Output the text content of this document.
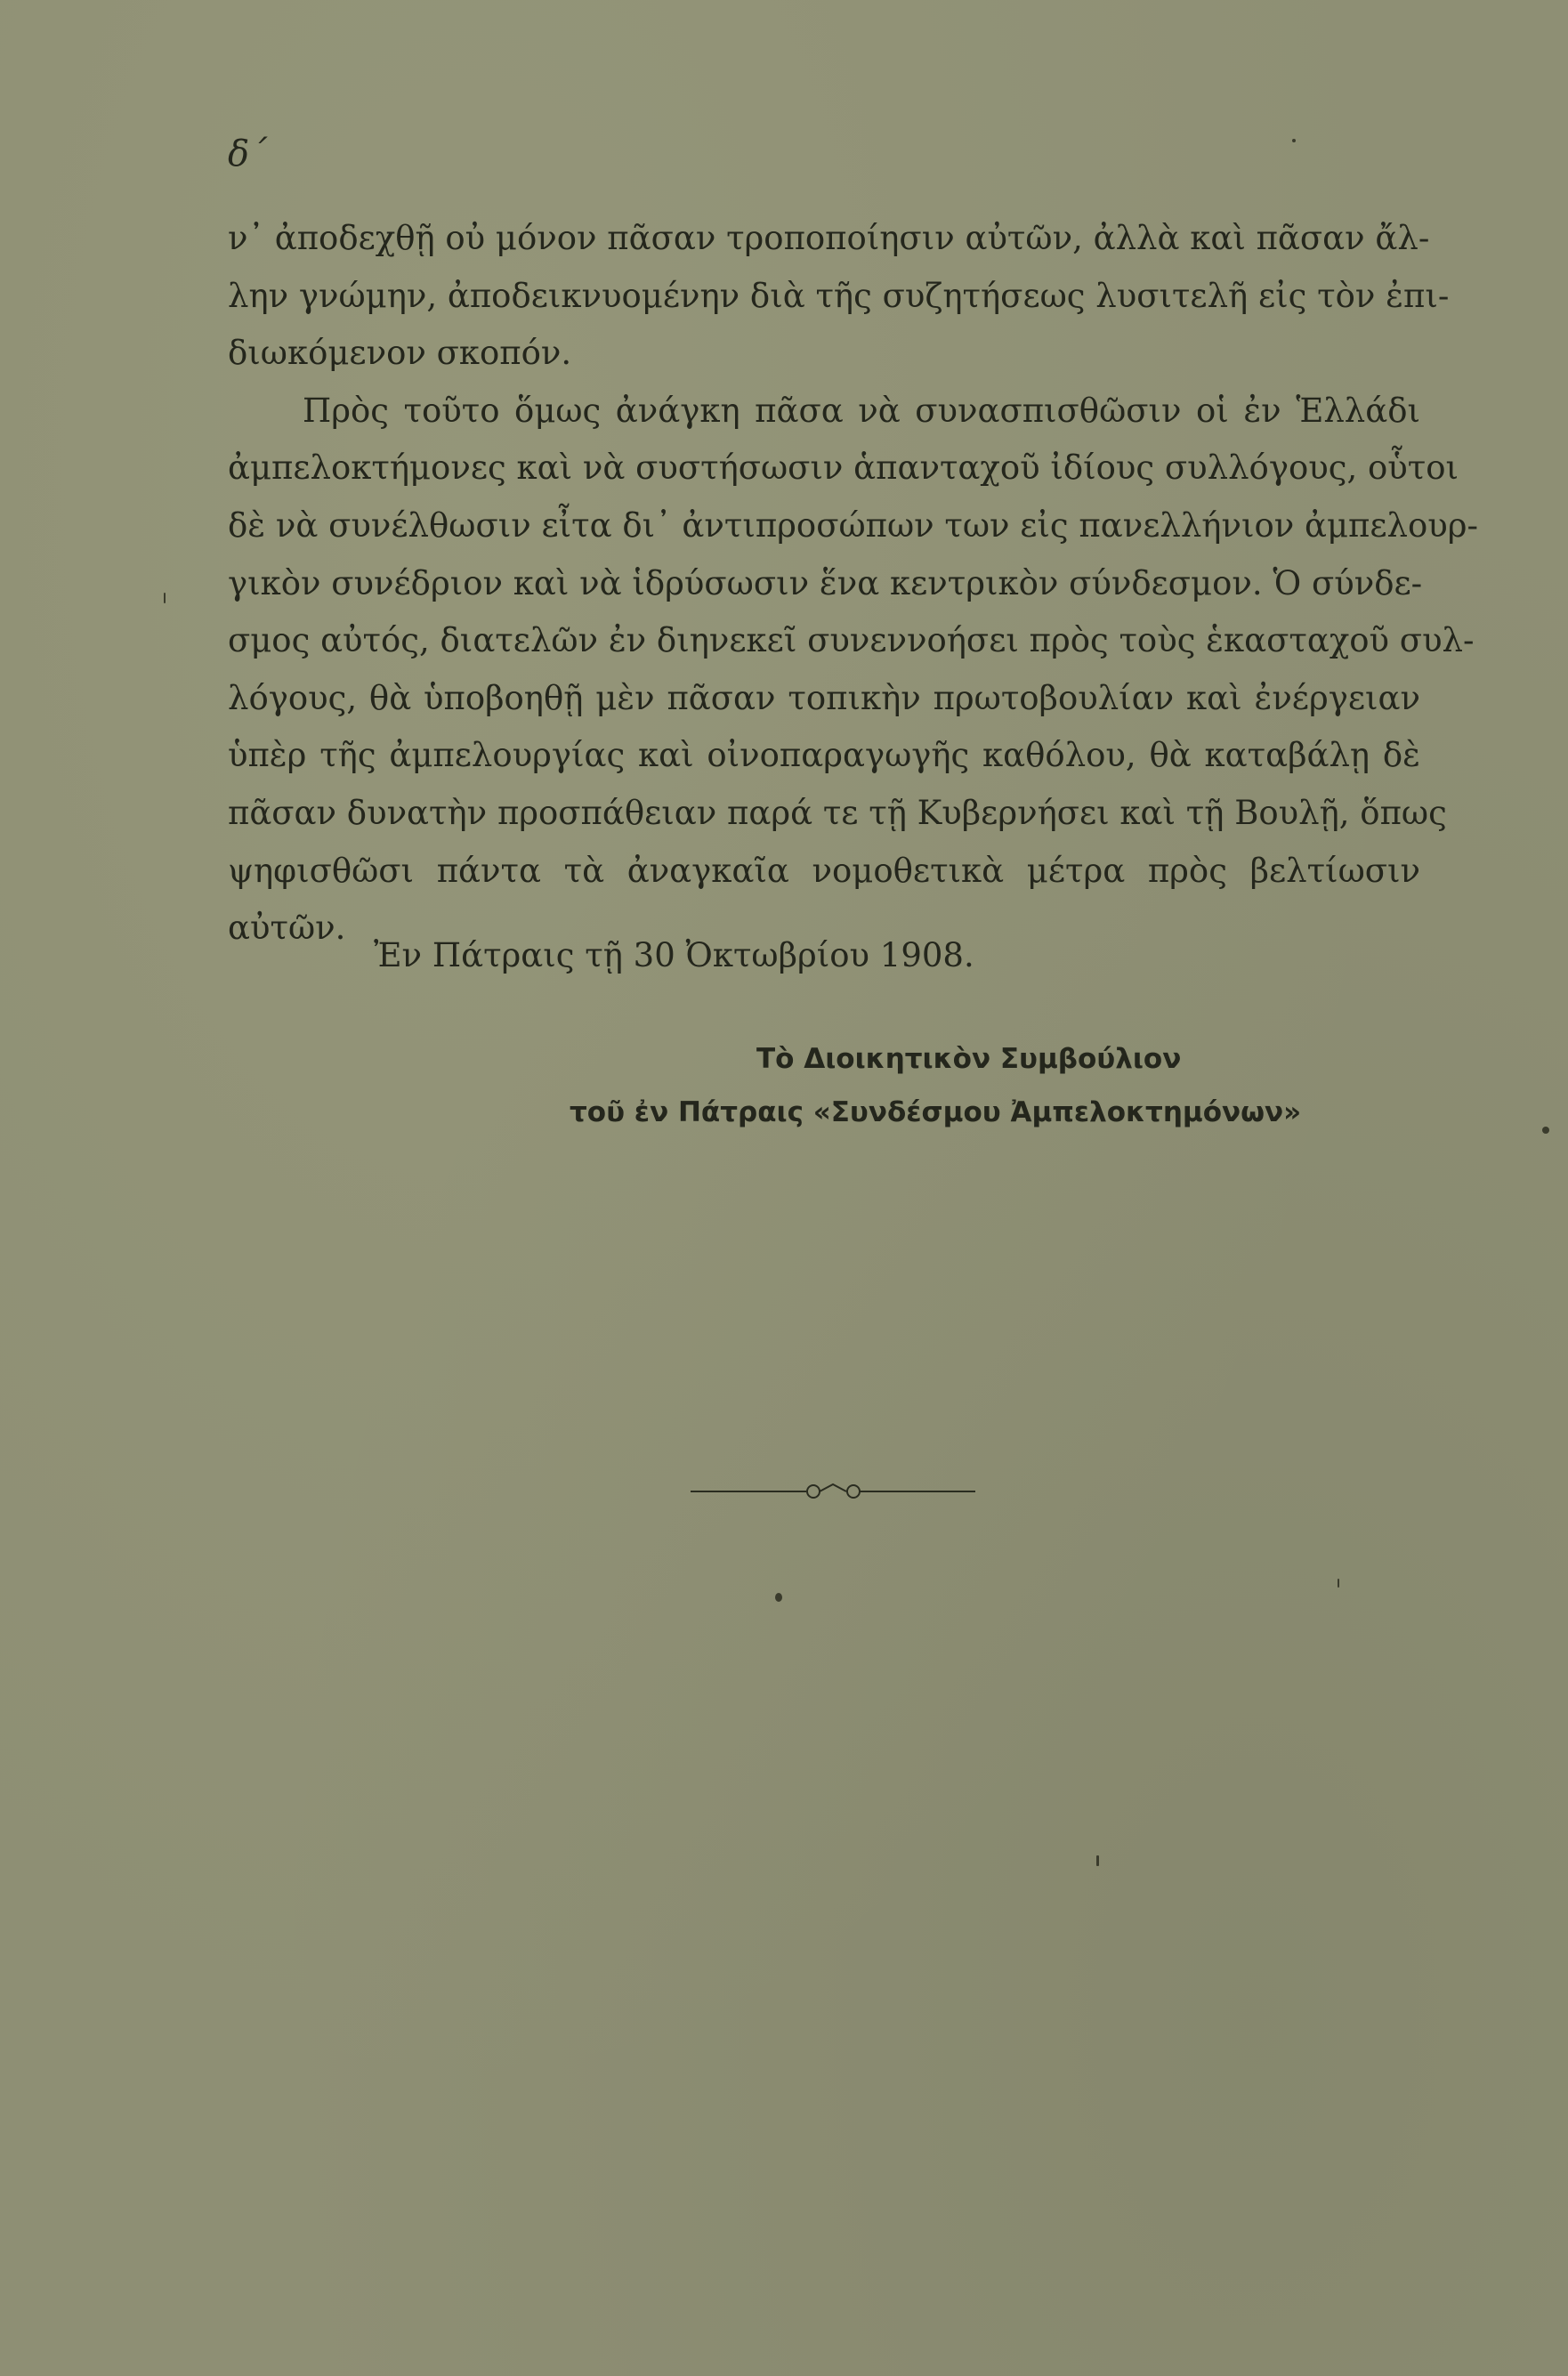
δ΄
ν᾽ ἀποδεχθῇ οὐ μόνον πᾶσαν τροποποίησιν αὐτῶν, ἀλλὰ καὶ πᾶσαν ἄλ-
λην γνώμην, ἀποδεικνυομένην διὰ τῆς συζητήσεως λυσιτελῆ εἰς τὸν ἐπι-
διωκόμενον σκοπόν.
Πρὸς τοῦτο ὅμως ἀνάγκη πᾶσα νὰ συνασπισθῶσιν οἱ ἐν Ἑλλάδι
ἀμπελοκτήμονες καὶ νὰ συστήσωσιν ἁπανταχοῦ ἰδίους συλλόγους, οὗτοι
δὲ νὰ συνέλθωσιν εἶτα δι᾽ ἀντιπροσώπων των εἰς πανελλήνιον ἀμπελουρ-
γικὸν συνέδριον καὶ νὰ ἱδρύσωσιν ἕνα κεντρικὸν σύνδεσμον. Ὁ σύνδε-
σμος αὐτός, διατελῶν ἐν διηνεκεῖ συνεννοήσει πρὸς τοὺς ἑκασταχοῦ συλ-
λόγους, θὰ ὑποβοηθῇ μὲν πᾶσαν τοπικὴν πρωτοβουλίαν καὶ ἐνέργειαν
ὑπὲρ τῆς ἀμπελουργίας καὶ οἰνοπαραγωγῆς καθόλου, θὰ καταβάλῃ δὲ
πᾶσαν δυνατὴν προσπάθειαν παρά τε τῇ Κυβερνήσει καὶ τῇ Βουλῇ, ὅπως
ψηφισθῶσι πάντα τὰ ἀναγκαῖα νομοθετικὰ μέτρα πρὸς βελτίωσιν
αὐτῶν.
Ἐν Πάτραις τῇ 30 Ὀκτωβρίου 1908.
Τὸ Διοικητικὸν Συμβούλιον
τοῦ ἐν Πάτραις «Συνδέσμου Ἀμπελοκτημόνων»
